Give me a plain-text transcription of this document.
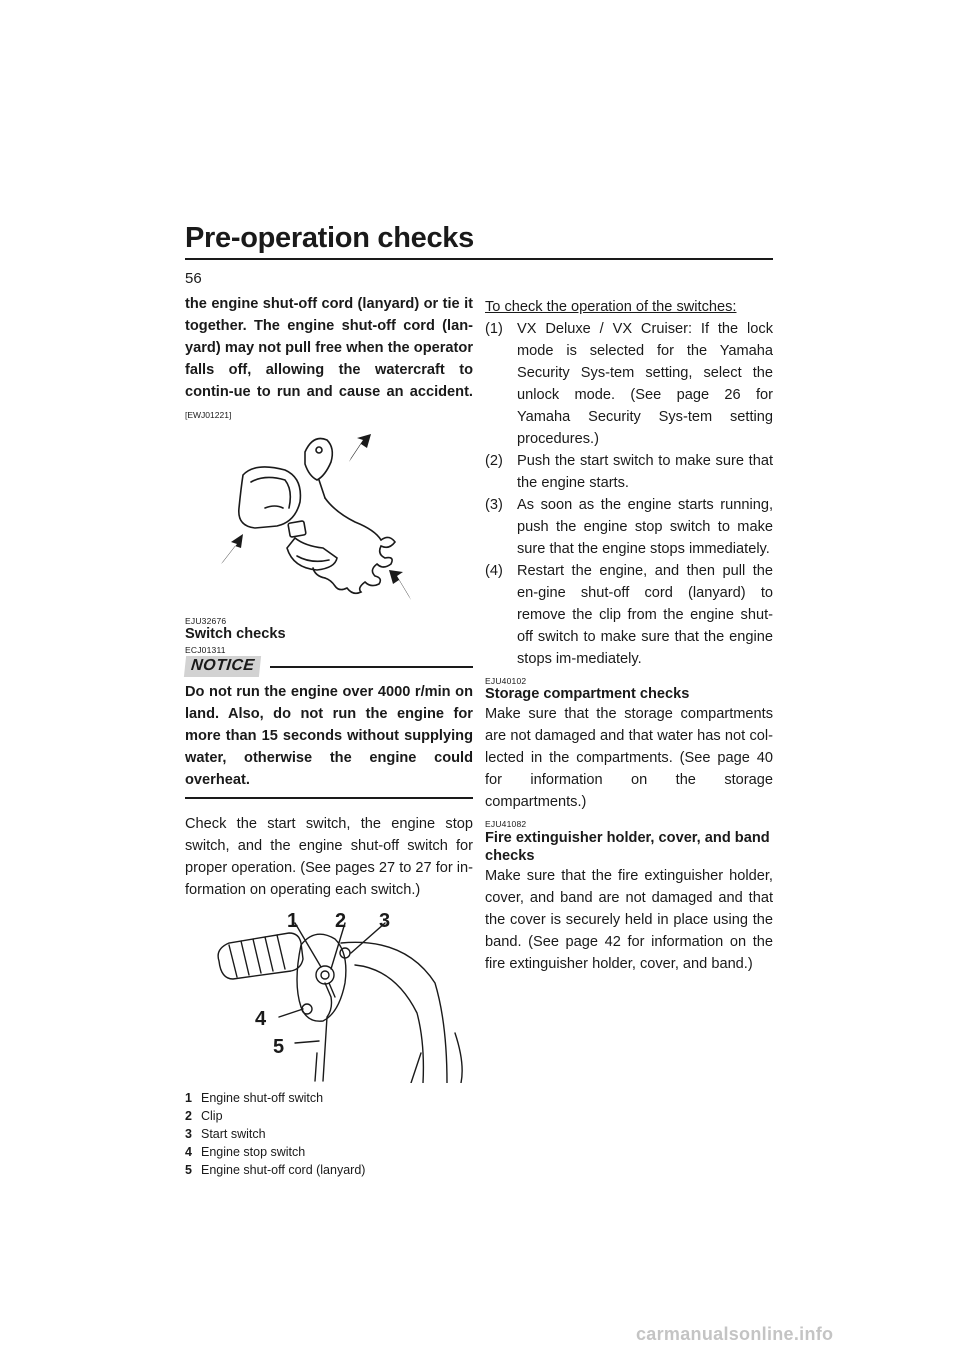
Pre-operation checks
56
the engine shut-off cord (lanyard) or tie it together. The engine shut-off cord (lan-yard) may not pull free when the operator falls off, allowing the watercraft to contin-ue to run and cause an accident. [EWJ01221]
EJU32676
Switch checks
ECJ01311
NOTICE
Do not run the engine over 4000 r/min on land. Also, do not run the engine for more than 15 seconds without supplying water, otherwise the engine could overheat.
Check the start switch, the engine stop switch, and the engine shut-off switch for proper operation. (See pages 27 to 27 for in-formation on operating each switch.)
1 2 3
4
5
1 Engine shut-off switch
2 Clip
3 Start switch
4 Engine stop switch
5 Engine shut-off cord (lanyard)
To check the operation of the switches:
(1) VX Deluxe / VX Cruiser: If the lock mode is selected for the Yamaha Security Sys-tem setting, select the unlock mode. (See page 26 for Yamaha Security Sys-tem setting procedures.)
(2) Push the start switch to make sure that the engine starts.
(3) As soon as the engine starts running, push the engine stop switch to make sure that the engine stops immediately.
(4) Restart the engine, and then pull the en-gine shut-off cord (lanyard) to remove the clip from the engine shut-off switch to make sure that the engine stops im-mediately.
EJU40102
Storage compartment checks
Make sure that the storage compartments are not damaged and that water has not col-lected in the compartments. (See page 40 for information on the storage compartments.)
EJU41082
Fire extinguisher holder, cover, and band checks
Make sure that the fire extinguisher holder, cover, and band are not damaged and that the cover is securely held in place using the band. (See page 42 for information on the fire extinguisher holder, cover, and band.)
carmanualsonline.info
